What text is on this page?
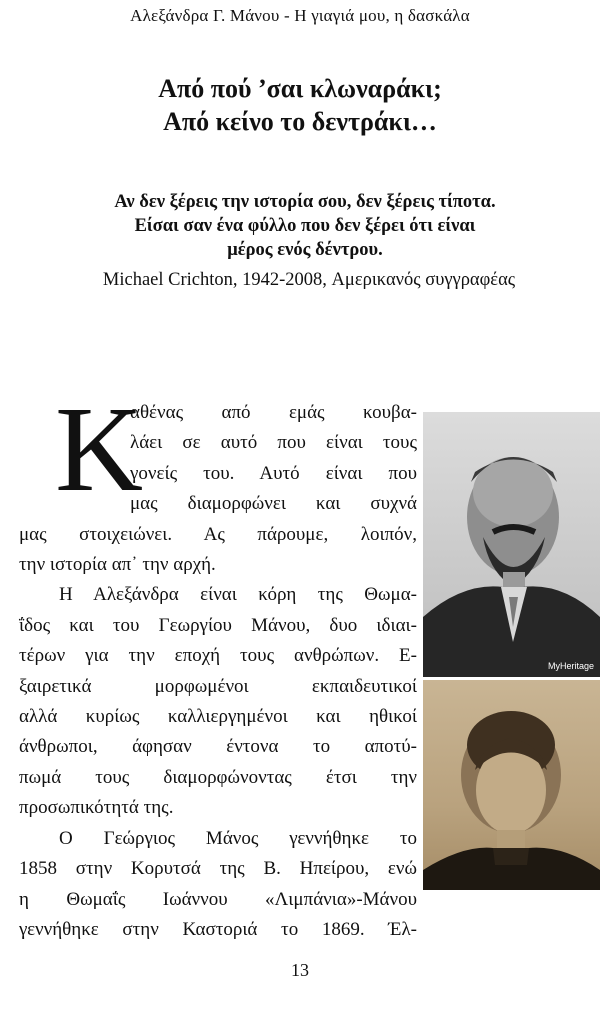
Αλεξάνδρα Γ. Μάνου - Η γιαγιά μου, η δασκάλα
Από πού ’σαι κλωναράκι;
Από κείνο το δεντράκι…
Αν δεν ξέρεις την ιστορία σου, δεν ξέρεις τίποτα.
Είσαι σαν ένα φύλλο που δεν ξέρει ότι είναι
μέρος ενός δέντρου.
Michael Crichton, 1942-2008, Αμερικανός συγγραφέας
Κ
αθένας από εμάς κουβα-
λάει σε αυτό που είναι τους
γονείς του. Αυτό είναι που
μας διαμορφώνει και συχνά
μας στοιχειώνει. Ας πάρουμε, λοιπόν,
την ιστορία απ᾽ την αρχή.
Η Αλεξάνδρα είναι κόρη της Θωμα-
ΐδος και του Γεωργίου Μάνου, δυο ιδιαι-
τέρων για την εποχή τους ανθρώπων. Ε-
ξαιρετικά μορφωμένοι εκπαιδευτικοί
αλλά κυρίως καλλιεργημένοι και ηθικοί
άνθρωποι, άφησαν έντονα το αποτύ-
πωμά τους διαμορφώνοντας έτσι την
προσωπικότητά της.
Ο Γεώργιος Μάνος γεννήθηκε το
1858 στην Κορυτσά της Β. Ηπείρου, ενώ
η Θωμαΐς Ιωάννου «Λιμπάνια»-Μάνου
γεννήθηκε στην Καστοριά το 1869. Έλ-
MyHeritage
13
